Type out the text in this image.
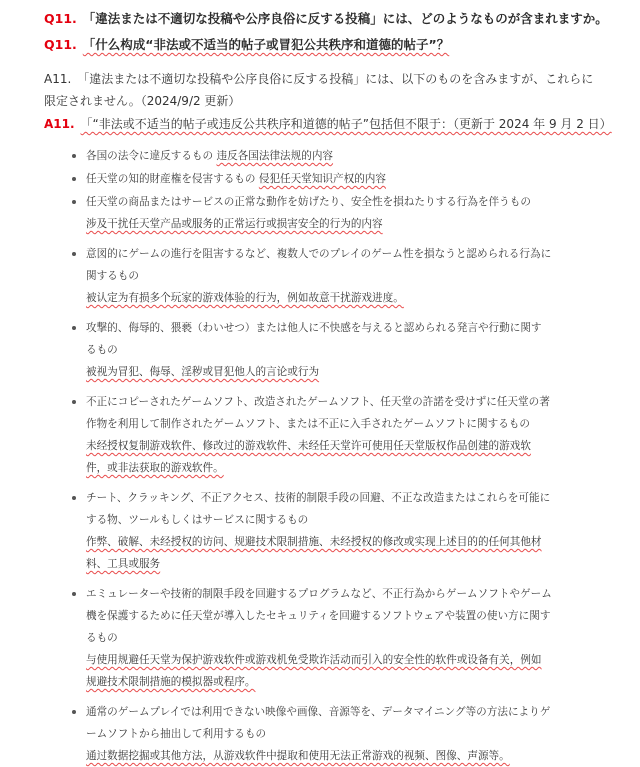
Q11. 「違法または不適切な投稿や公序良俗に反する投稿」には、どのようなものが含まれますか。
Q11. 「什么构成“非法或不适当的帖子或冒犯公共秩序和道德的帖子”？
A11. 「違法または不適切な投稿や公序良俗に反する投稿」には、以下のものを含みますが、これらに限定されません。（2024/9/2 更新）
A11. 「“非法或不适当的帖子或违反公共秩序和道德的帖子”包括但不限于：（更新于 2024 年 9 月 2 日）
各国の法令に違反するもの 违反各国法律法规的内容
任天堂の知的財産権を侵害するもの 侵犯任天堂知识产权的内容
任天堂の商品またはサービスの正常な動作を妨げたり、安全性を損ねたりする行為を伴うもの
涉及干扰任天堂产品或服务的正常运行或损害安全的行为的内容
意図的にゲームの進行を阻害するなど、複数人でのプレイのゲーム性を損なうと認められる行為に関するもの
被认定为有损多个玩家的游戏体验的行为，例如故意干扰游戏进度。
攻撃的、侮辱的、猥褻（わいせつ）または他人に不快感を与えると認められる発言や行動に関するもの
被视为冒犯、侮辱、淫秽或冒犯他人的言论或行为
不正にコピーされたゲームソフト、改造されたゲームソフト、任天堂の許諾を受けずに任天堂の著作物を利用して制作されたゲームソフト、または不正に入手されたゲームソフトに関するもの
未经授权复制游戏软件、修改过的游戏软件、未经任天堂许可使用任天堂版权作品创建的游戏软件，或非法获取的游戏软件。
チート、クラッキング、不正アクセス、技術的制限手段の回避、不正な改造またはこれらを可能にする物、ツールもしくはサービスに関するもの
作弊、破解、未经授权的访问、规避技术限制措施、未经授权的修改或实现上述目的的任何其他材料、工具或服务
エミュレーターや技術的制限手段を回避するプログラムなど、不正行為からゲームソフトやゲーム機を保護するために任天堂が導入したセキュリティを回避するソフトウェアや装置の使い方に関するもの
与使用规避任天堂为保护游戏软件或游戏机免受欺诈活动而引入的安全性的软件或设备有关，例如规避技术限制措施的模拟器或程序。
通常のゲームプレイでは利用できない映像や画像、音源等を、データマイニング等の方法によりゲームソフトから抽出して利用するもの
通过数据挖掘或其他方法，从游戏软件中提取和使用无法正常游戏的视频、图像、声源等。
